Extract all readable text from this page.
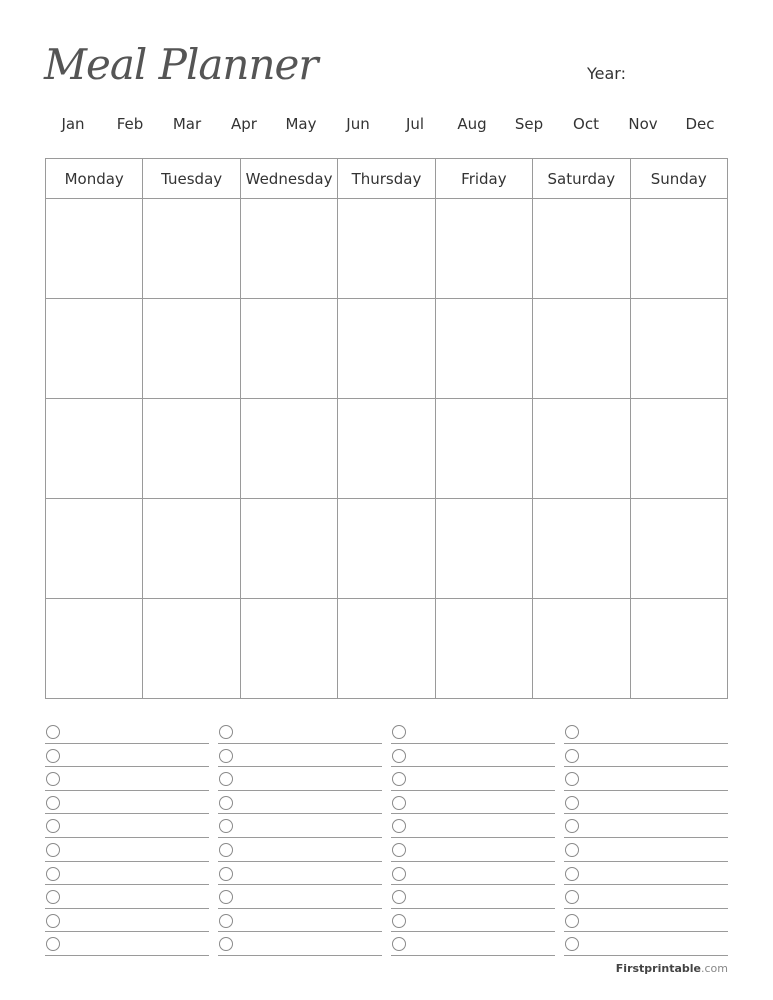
Meal Planner	Year:
Jan	Feb	Mar	Apr	May	Jun	Jul	Aug	Sep	Oct	Nov	Dec
Monday	Tuesday	Wednesday	Thursday	Friday	Saturday	Sunday

Firstprintable.com
